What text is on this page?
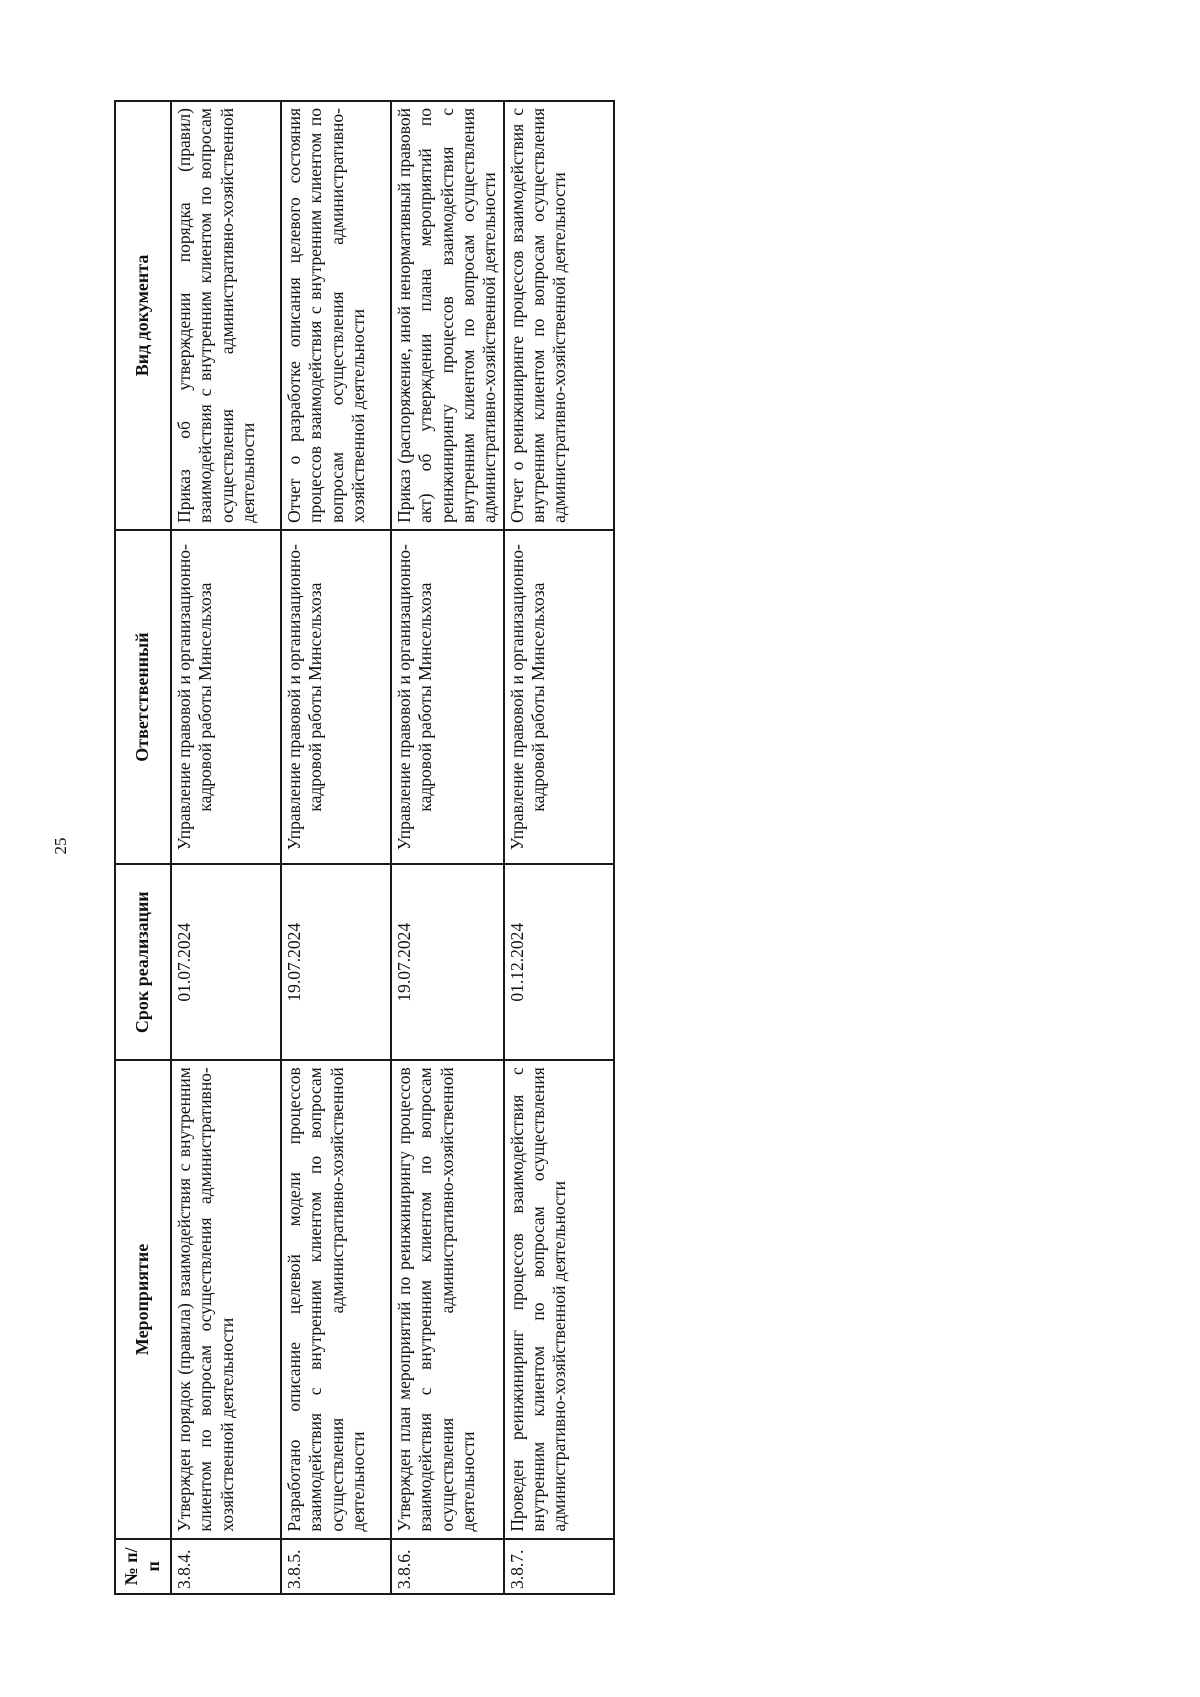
25
№ п/п	Мероприятие	Срок реализации	Ответственный	Вид документа
3.8.4.	Утвержден порядок (правила) взаимодействия с внутренним клиентом по вопросам осуществления административно-хозяйственной деятельности	01.07.2024	Управление правовой и организационно-кадровой работы Минсельхоза	Приказ об утверждении порядка (правил) взаимодействия с внутренним клиентом по вопросам осуществления административно-хозяйственной деятельности
3.8.5.	Разработано описание целевой модели процессов взаимодействия с внутренним клиентом по вопросам осуществления административно-хозяйственной деятельности	19.07.2024	Управление правовой и организационно-кадровой работы Минсельхоза	Отчет о разработке описания целевого состояния процессов взаимодействия с внутренним клиентом по вопросам осуществления административно-хозяйственной деятельности
3.8.6.	Утвержден план мероприятий по реинжинирингу процессов взаимодействия с внутренним клиентом по вопросам осуществления административно-хозяйственной деятельности	19.07.2024	Управление правовой и организационно-кадровой работы Минсельхоза	Приказ (распоряжение, иной ненормативный правовой акт) об утверждении плана мероприятий по реинжинирингу процессов взаимодействия с внутренним клиентом по вопросам осуществления административно-хозяйственной деятельности
3.8.7.	Проведен реинжиниринг процессов взаимодействия с внутренним клиентом по вопросам осуществления административно-хозяйственной деятельности	01.12.2024	Управление правовой и организационно-кадровой работы Минсельхоза	Отчет о реинжиниринге процессов взаимодействия с внутренним клиентом по вопросам осуществления административно-хозяйственной деятельности
